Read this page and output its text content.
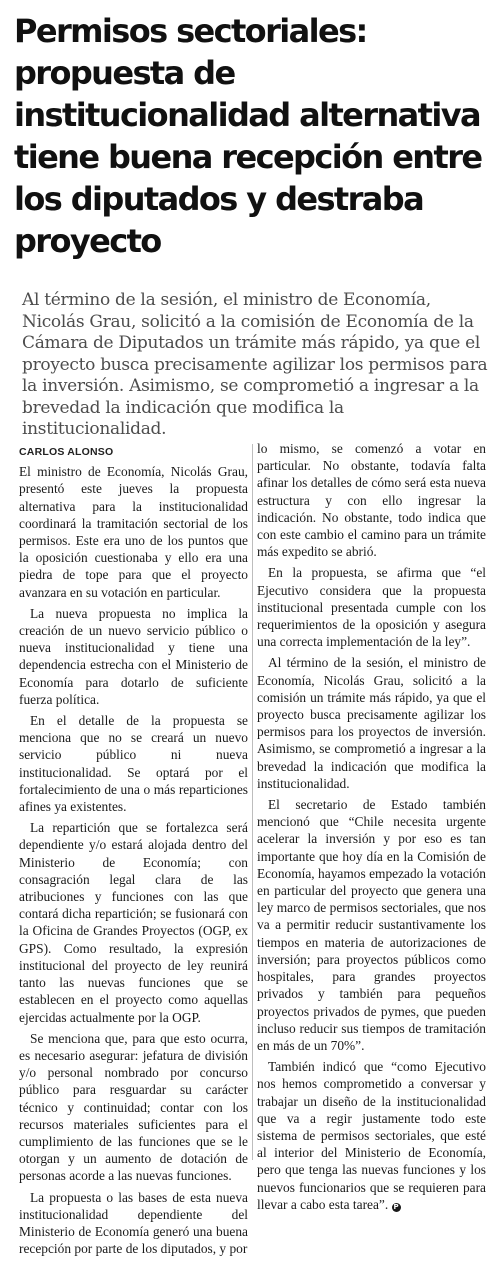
Permisos sectoriales: propuesta de institucionalidad alternativa tiene buena recepción entre los diputados y destraba proyecto

Al término de la sesión, el ministro de Economía, Nicolás Grau, solicitó a la comisión de Economía de la Cámara de Diputados un trámite más rápido, ya que el proyecto busca precisamente agilizar los permisos para la inversión. Asimismo, se comprometió a ingresar a la brevedad la indicación que modifica la institucionalidad.

CARLOS ALONSO

El ministro de Economía, Nicolás Grau, presentó este jueves la propuesta alternativa para la institucionalidad coordinará la tramitación sectorial de los permisos. Este era uno de los puntos que la oposición cuestionaba y ello era una piedra de tope para que el proyecto avanzara en su votación en particular.

La nueva propuesta no implica la creación de un nuevo servicio público o nueva institucionalidad y tiene una dependencia estrecha con el Ministerio de Economía para dotarlo de suficiente fuerza política.

En el detalle de la propuesta se menciona que no se creará un nuevo servicio público ni nueva institucionalidad. Se optará por el fortalecimiento de una o más reparticiones afines ya existentes.

La repartición que se fortalezca será dependiente y/o estará alojada dentro del Ministerio de Economía; con consagración legal clara de las atribuciones y funciones con las que contará dicha repartición; se fusionará con la Oficina de Grandes Proyectos (OGP, ex GPS). Como resultado, la expresión institucional del proyecto de ley reunirá tanto las nuevas funciones que se establecen en el proyecto como aquellas ejercidas actualmente por la OGP.

Se menciona que, para que esto ocurra, es necesario asegurar: jefatura de división y/o personal nombrado por concurso público para resguardar su carácter técnico y continuidad; contar con los recursos materiales suficientes para el cumplimiento de las funciones que se le otorgan y un aumento de dotación de personas acorde a las nuevas funciones.

La propuesta o las bases de esta nueva institucionalidad dependiente del Ministerio de Economía generó una buena recepción por parte de los diputados, y por

lo mismo, se comenzó a votar en particular. No obstante, todavía falta afinar los detalles de cómo será esta nueva estructura y con ello ingresar la indicación. No obstante, todo indica que con este cambio el camino para un trámite más expedito se abrió.

En la propuesta, se afirma que “el Ejecutivo considera que la propuesta institucional presentada cumple con los requerimientos de la oposición y asegura una correcta implementación de la ley”.

Al término de la sesión, el ministro de Economía, Nicolás Grau, solicitó a la comisión un trámite más rápido, ya que el proyecto busca precisamente agilizar los permisos para los proyectos de inversión. Asimismo, se comprometió a ingresar a la brevedad la indicación que modifica la institucionalidad.

El secretario de Estado también mencionó que “Chile necesita urgente acelerar la inversión y por eso es tan importante que hoy día en la Comisión de Economía, hayamos empezado la votación en particular del proyecto que genera una ley marco de permisos sectoriales, que nos va a permitir reducir sustantivamente los tiempos en materia de autorizaciones de inversión; para proyectos públicos como hospitales, para grandes proyectos privados y también para pequeños proyectos privados de pymes, que pueden incluso reducir sus tiempos de tramitación en más de un 70%”.

También indicó que “como Ejecutivo nos hemos comprometido a conversar y trabajar un diseño de la institucionalidad que va a regir justamente todo este sistema de permisos sectoriales, que esté al interior del Ministerio de Economía, pero que tenga las nuevas funciones y los nuevos funcionarios que se requieren para llevar a cabo esta tarea”. P
